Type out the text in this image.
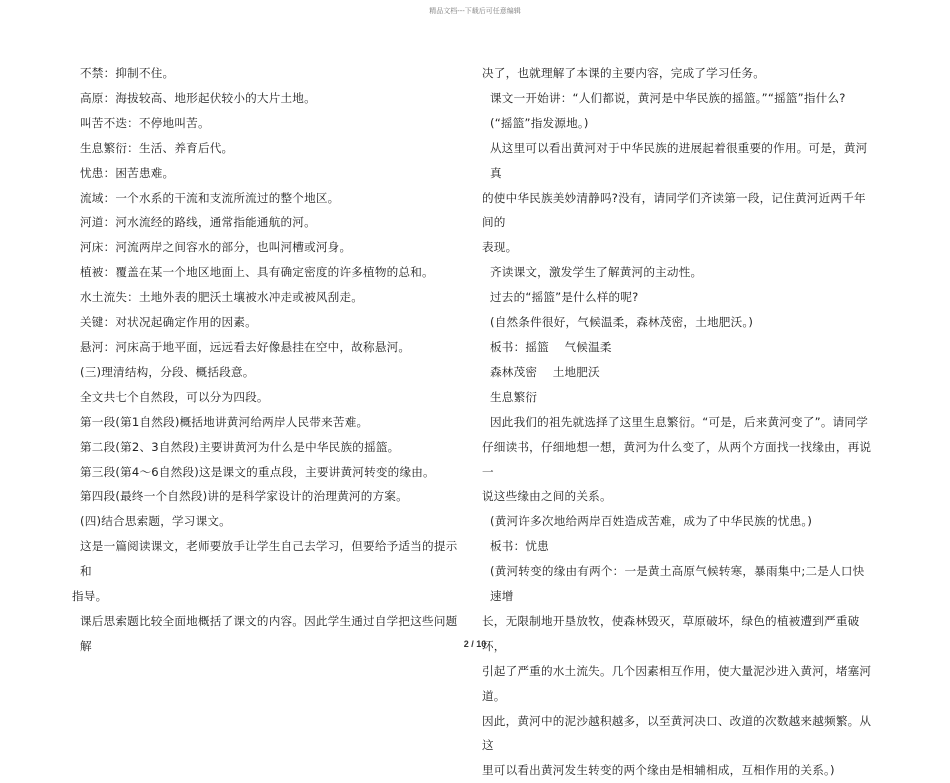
精品文档---下载后可任意编辑

不禁：抑制不住。

高原：海拔较高、地形起伏较小的大片土地。

叫苦不迭：不停地叫苦。

生息繁衍：生活、养育后代。

忧患：困苦患难。

流域：一个水系的干流和支流所流过的整个地区。

河道：河水流经的路线，通常指能通航的河。

河床：河流两岸之间容水的部分，也叫河槽或河身。

植被：覆盖在某一个地区地面上、具有确定密度的许多植物的总和。

水土流失：土地外表的肥沃土壤被水冲走或被风刮走。

关键：对状况起确定作用的因素。

悬河：河床高于地平面，远远看去好像悬挂在空中，故称悬河。

(三)理清结构，分段、概括段意。

全文共七个自然段，可以分为四段。

第一段(第1自然段)概括地讲黄河给两岸人民带来苦难。

第二段(第2、3自然段)主要讲黄河为什么是中华民族的摇篮。

第三段(第4～6自然段)这是课文的重点段，主要讲黄河转变的缘由。

第四段(最终一个自然段)讲的是科学家设计的治理黄河的方案。

(四)结合思索题，学习课文。

这是一篇阅读课文，老师要放手让学生自己去学习，但要给予适当的提示和

指导。

课后思索题比较全面地概括了课文的内容。因此学生通过自学把这些问题解

决了，也就理解了本课的主要内容，完成了学习任务。

课文一开始讲：“人们都说，黄河是中华民族的摇篮。”“摇篮”指什么?

(“摇篮”指发源地。)

从这里可以看出黄河对于中华民族的进展起着很重要的作用。可是，黄河真

的使中华民族美妙清静吗?没有，请同学们齐读第一段，记住黄河近两千年间的

表现。

齐读课文，激发学生了解黄河的主动性。

过去的“摇篮”是什么样的呢?

(自然条件很好，气候温柔，森林茂密，土地肥沃。)

板书：摇篮    气候温柔

森林茂密    土地肥沃

生息繁衍

因此我们的祖先就选择了这里生息繁衍。“可是，后来黄河变了”。请同学

仔细读书，仔细地想一想，黄河为什么变了，从两个方面找一找缘由，再说一

说这些缘由之间的关系。

(黄河许多次地给两岸百姓造成苦难，成为了中华民族的忧患。)

板书：忧患

(黄河转变的缘由有两个：一是黄土高原气候转寒，暴雨集中;二是人口快速增

长，无限制地开垦放牧，使森林毁灭，草原破坏，绿色的植被遭到严重破坏，

引起了严重的水土流失。几个因素相互作用，使大量泥沙进入黄河，堵塞河道。

因此，黄河中的泥沙越积越多，以至黄河决口、改道的次数越来越频繁。从这

里可以看出黄河发生转变的两个缘由是相辅相成，互相作用的关系。)

2 / 10
